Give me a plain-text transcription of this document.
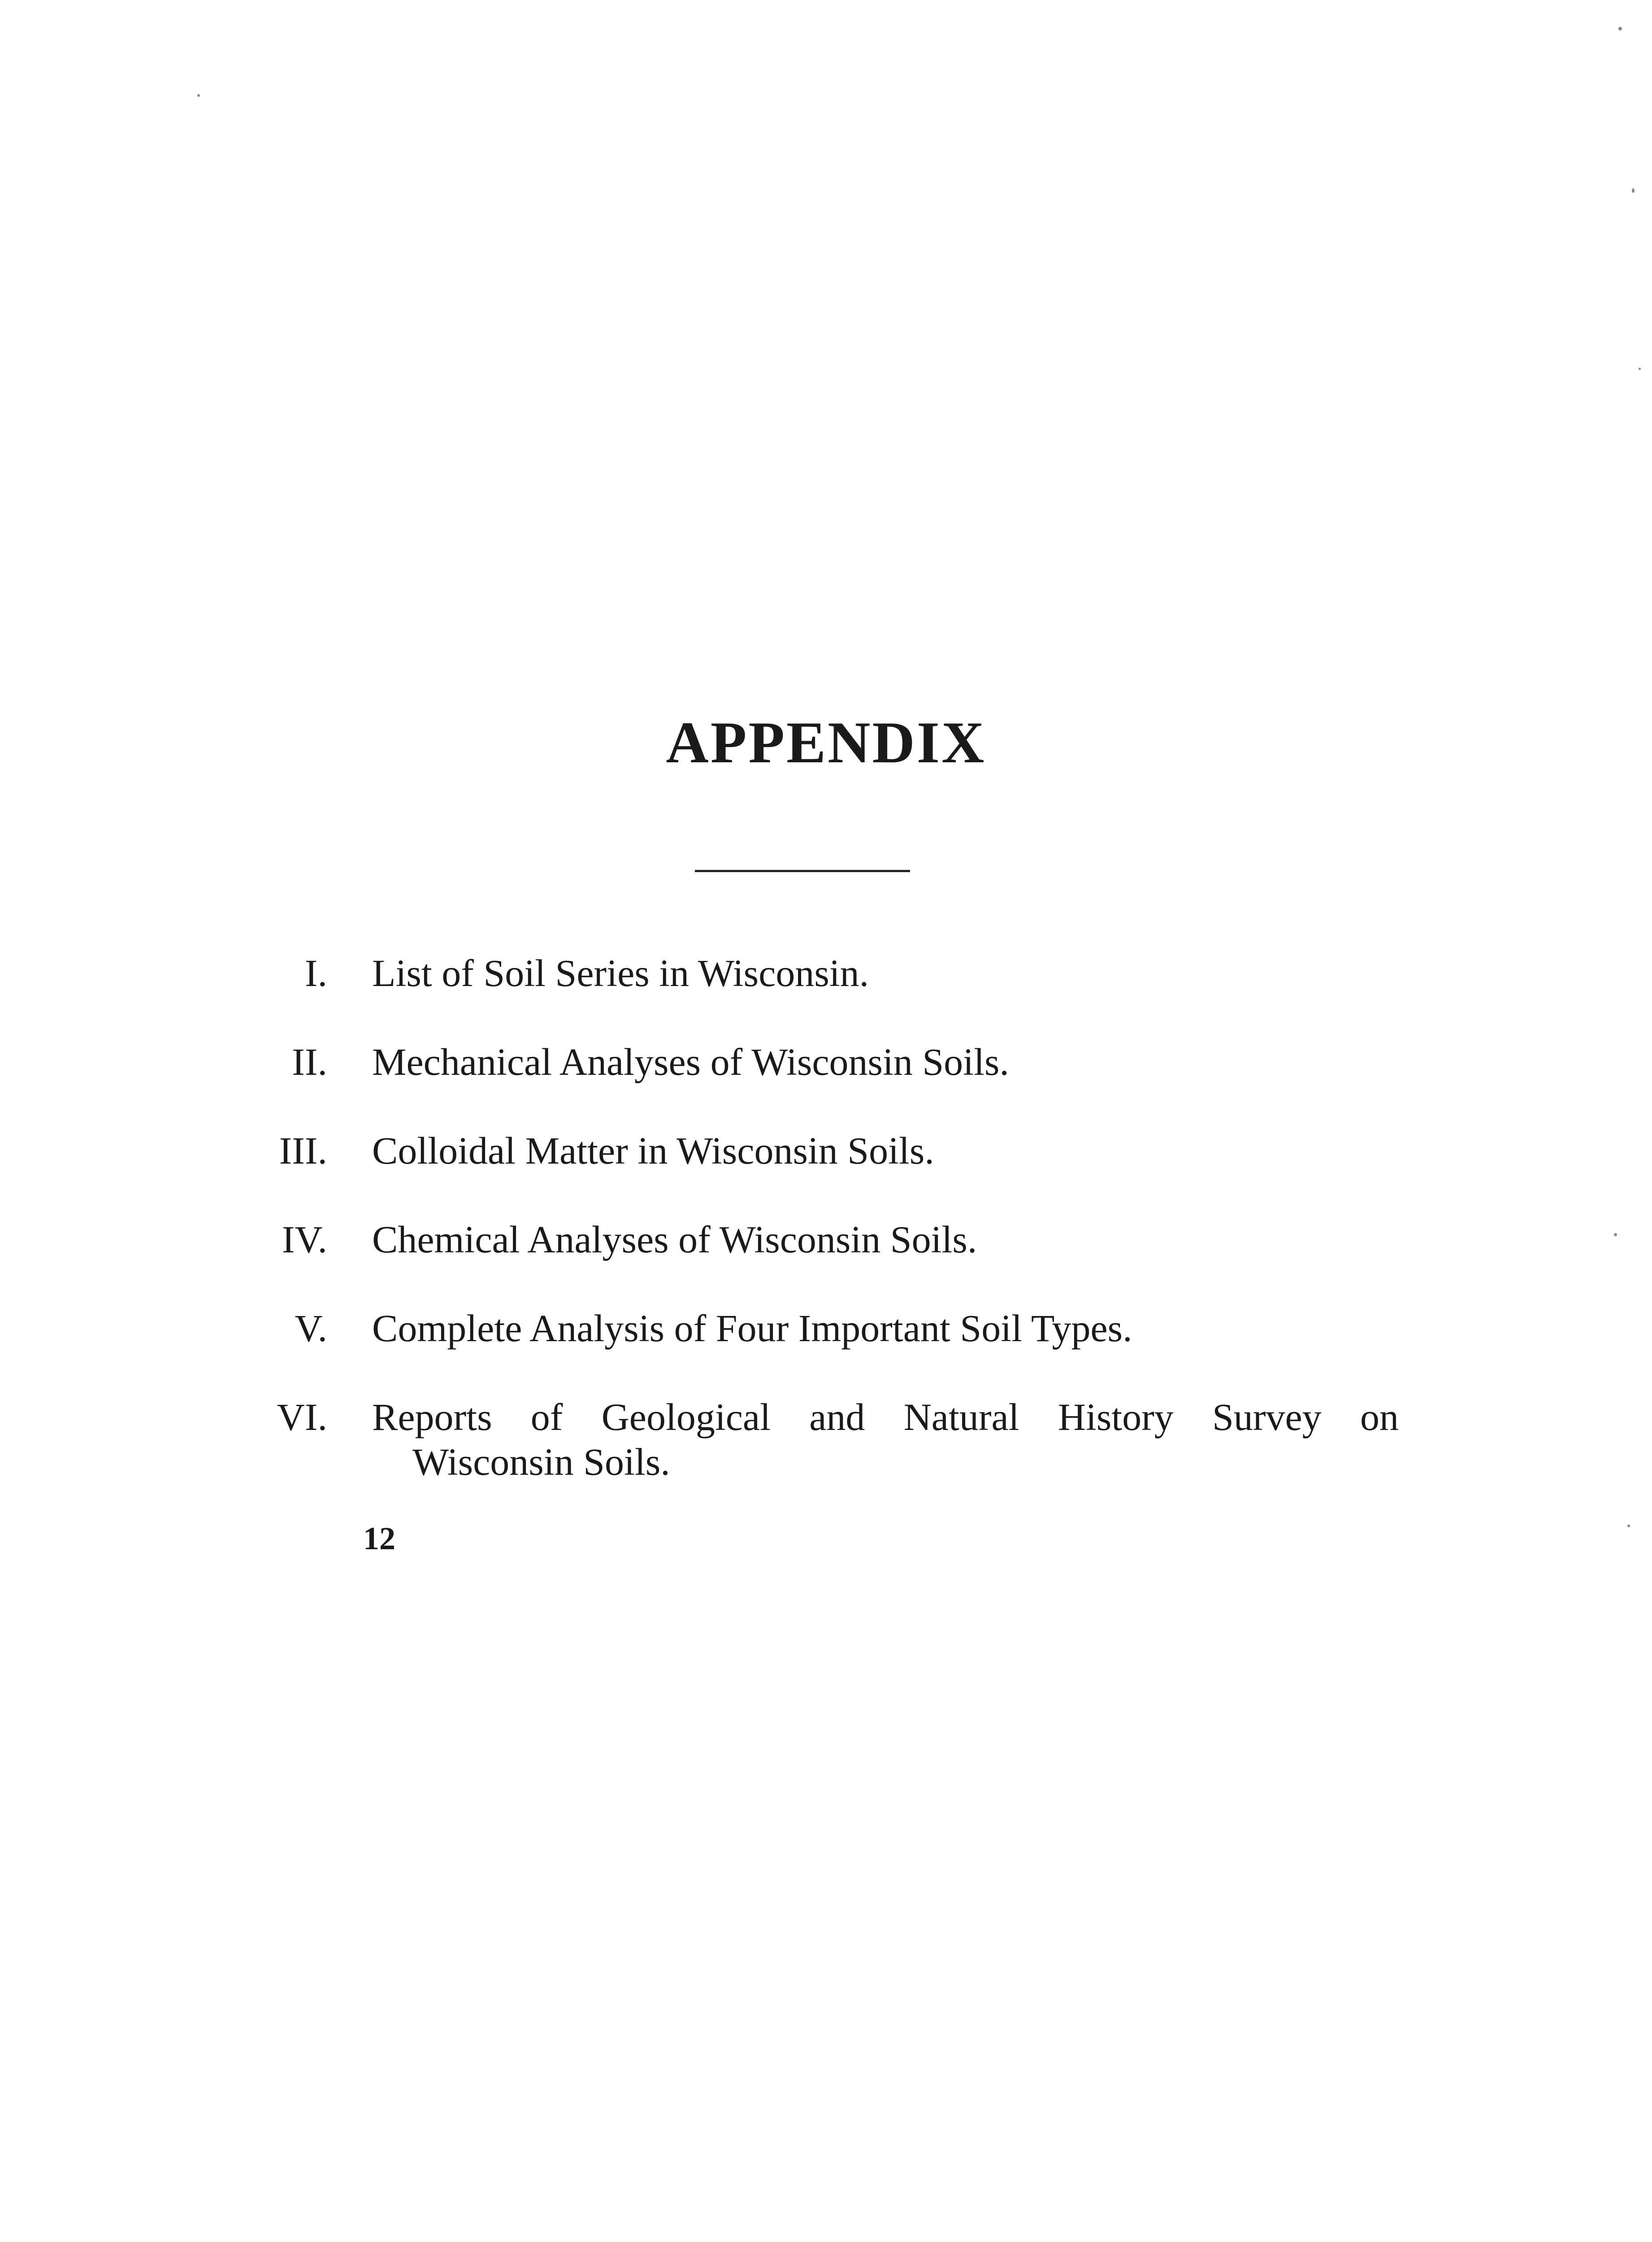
APPENDIX
I. List of Soil Series in Wisconsin.
II. Mechanical Analyses of Wisconsin Soils.
III. Colloidal Matter in Wisconsin Soils.
IV. Chemical Analyses of Wisconsin Soils.
V. Complete Analysis of Four Important Soil Types.
VI. Reports of Geological and Natural History Survey on
Wisconsin Soils.
12
